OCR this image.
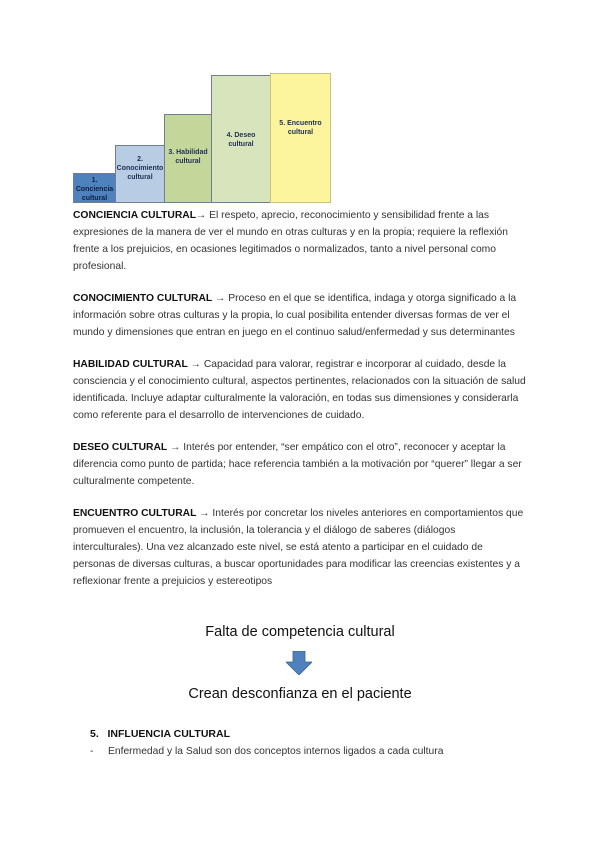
1.
Conciencia
cultural
2.
Conocimiento
cultural
3. Habilidad
cultural
4. Deseo
cultural
5. Encuentro
cultural

CONCIENCIA CULTURAL→ El respeto, aprecio, reconocimiento y sensibilidad frente a las expresiones de la manera de ver el mundo en otras culturas y en la propia; requiere la reflexión frente a los prejuicios, en ocasiones legitimados o normalizados, tanto a nivel personal como profesional.

CONOCIMIENTO CULTURAL → Proceso en el que se identifica, indaga y otorga significado a la información sobre otras culturas y la propia, lo cual posibilita entender diversas formas de ver el mundo y dimensiones que entran en juego en el continuo salud/enfermedad y sus determinantes

HABILIDAD CULTURAL → Capacidad para valorar, registrar e incorporar al cuidado, desde la consciencia y el conocimiento cultural, aspectos pertinentes, relacionados con la situación de salud identificada. Incluye adaptar culturalmente la valoración, en todas sus dimensiones y considerarla como referente para el desarrollo de intervenciones de cuidado.

DESEO CULTURAL → Interés por entender, “ser empático con el otro”, reconocer y aceptar la diferencia como punto de partida; hace referencia también a la motivación por “querer” llegar a ser culturalmente competente.

ENCUENTRO CULTURAL → Interés por concretar los niveles anteriores en comportamientos que promueven el encuentro, la inclusión, la tolerancia y el diálogo de saberes (diálogos interculturales). Una vez alcanzado este nivel, se está atento a participar en el cuidado de personas de diversas culturas, a buscar oportunidades para modificar las creencias existentes y a reflexionar frente a prejuicios y estereotipos

Falta de competencia cultural
Crean desconfianza en el paciente
5.   INFLUENCIA CULTURAL
- Enfermedad y la Salud son dos conceptos internos ligados a cada cultura
